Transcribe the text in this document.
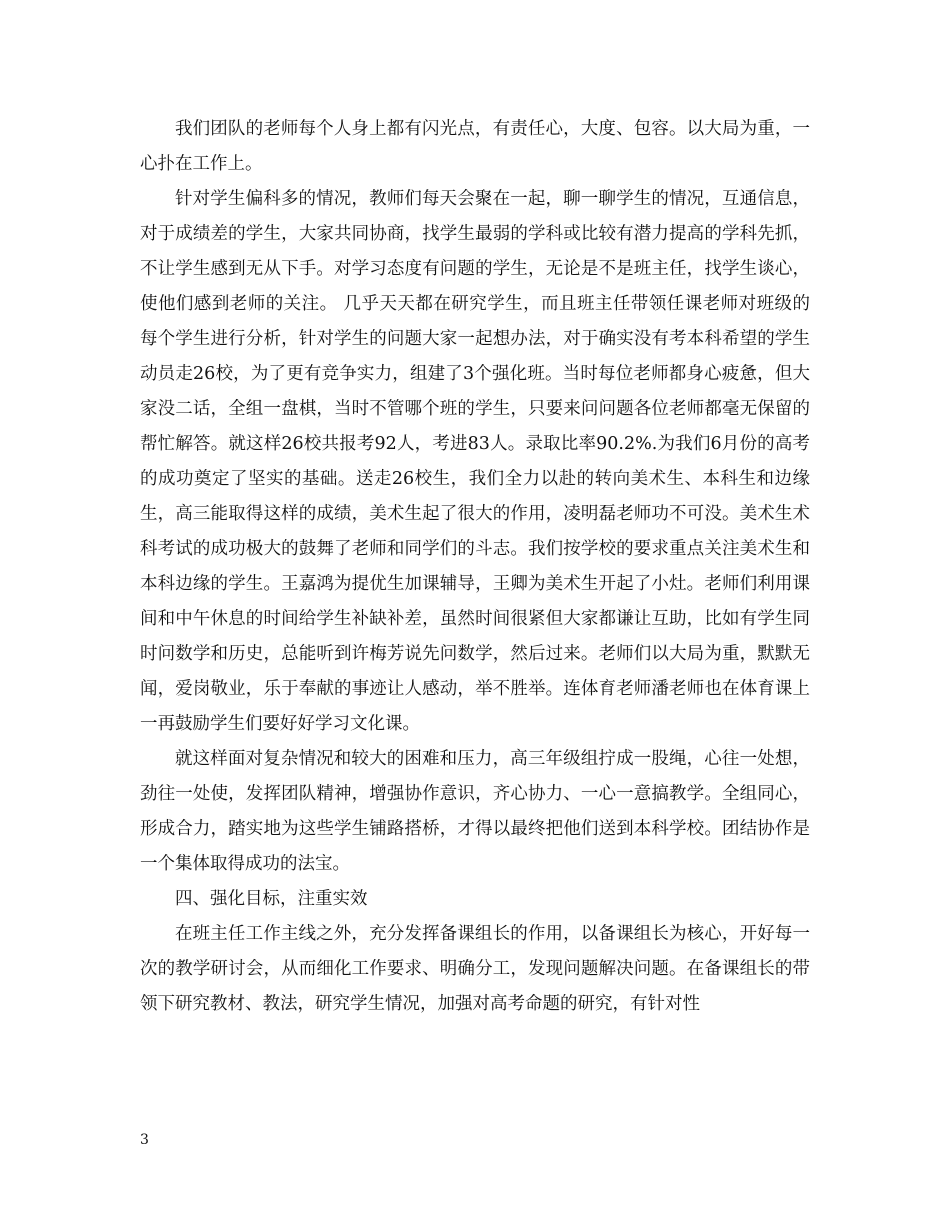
我们团队的老师每个人身上都有闪光点，有责任心，大度、包容。以大局为重，一心扑在工作上。

针对学生偏科多的情况，教师们每天会聚在一起，聊一聊学生的情况，互通信息，对于成绩差的学生，大家共同协商，找学生最弱的学科或比较有潜力提高的学科先抓，不让学生感到无从下手。对学习态度有问题的学生，无论是不是班主任，找学生谈心，使他们感到老师的关注。 几乎天天都在研究学生，而且班主任带领任课老师对班级的每个学生进行分析，针对学生的问题大家一起想办法，对于确实没有考本科希望的学生动员走26校，为了更有竞争实力，组建了3个强化班。当时每位老师都身心疲惫，但大家没二话，全组一盘棋，当时不管哪个班的学生，只要来问问题各位老师都毫无保留的帮忙解答。就这样26校共报考92人，考进83人。录取比率90.2%.为我们6月份的高考的成功奠定了坚实的基础。送走26校生，我们全力以赴的转向美术生、本科生和边缘生，高三能取得这样的成绩，美术生起了很大的作用，凌明磊老师功不可没。美术生术科考试的成功极大的鼓舞了老师和同学们的斗志。我们按学校的要求重点关注美术生和本科边缘的学生。王嘉鸿为提优生加课辅导，王卿为美术生开起了小灶。老师们利用课间和中午休息的时间给学生补缺补差，虽然时间很紧但大家都谦让互助，比如有学生同时问数学和历史，总能听到许梅芳说先问数学，然后过来。老师们以大局为重，默默无闻，爱岗敬业，乐于奉献的事迹让人感动，举不胜举。连体育老师潘老师也在体育课上一再鼓励学生们要好好学习文化课。

就这样面对复杂情况和较大的困难和压力，高三年级组拧成一股绳，心往一处想，劲往一处使，发挥团队精神，增强协作意识，齐心协力、一心一意搞教学。全组同心，形成合力，踏实地为这些学生铺路搭桥，才得以最终把他们送到本科学校。团结协作是一个集体取得成功的法宝。

四、强化目标，注重实效

在班主任工作主线之外，充分发挥备课组长的作用，以备课组长为核心，开好每一次的教学研讨会，从而细化工作要求、明确分工，发现问题解决问题。在备课组长的带领下研究教材、教法，研究学生情况，加强对高考命题的研究，有针对性

3
